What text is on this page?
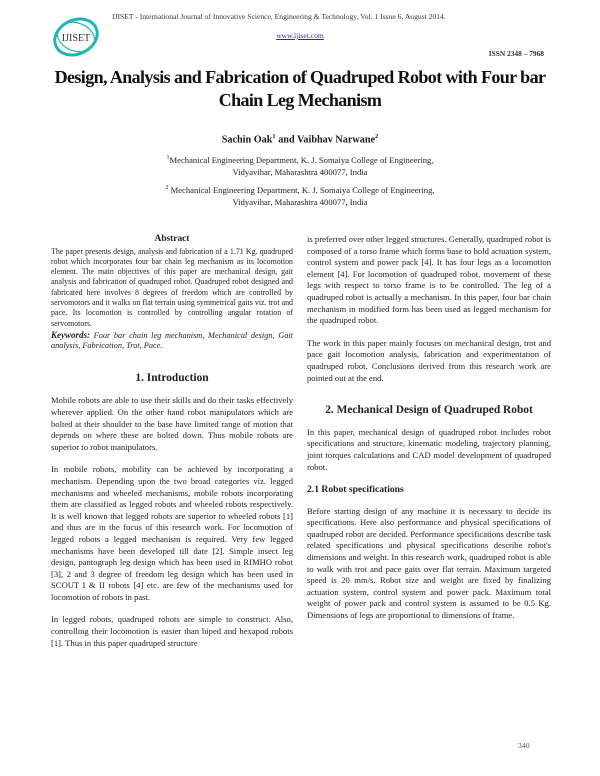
IJISET
IJISET - International Journal of Innovative Science, Engineering & Technology, Vol. 1 Issue 6, August 2014.
www.ijiset.com
ISSN 2348 – 7968
Design, Analysis and Fabrication of Quadruped Robot with Four bar Chain Leg Mechanism
Sachin Oak$^1$ and Vaibhav Narwane$^2$
$^1$Mechanical Engineering Department, K. J. Somaiya College of Engineering,
Vidyavihar, Maharashtra 400077, India
$^2$ Mechanical Engineering Department, K. J. Somaiya College of Engineering,
Vidyavihar, Maharashtra 400077, India
Abstract

The paper presents design, analysis and fabrication of a 1.71 Kg. quadruped robot which incorporates four bar chain leg mechanism as its locomotion element. The main objectives of this paper are mechanical design, gait analysis and fabrication of quadruped robot. Quadruped robot designed and fabricated here involves 8 degrees of freedom which are controlled by servomotors and it walks on flat terrain using symmetrical gaits viz. trot and pace. Its locomotion is controlled by controlling angular rotation of servomotors.

Keywords: Four bar chain leg mechanism, Mechanical design, Gait analysis, Fabrication, Trot, Pace.

1. Introduction

Mobile robots are able to use their skills and do their tasks effectively wherever applied. On the other hand robot manipulators which are bolted at their shoulder to the base have limited range of motion that depends on where these are bolted down. Thus mobile robots are superior to robot manipulators.

In mobile robots, mobility can be achieved by incorporating a mechanism. Depending upon the two broad categories viz. legged mechanisms and wheeled mechanisms, mobile robots incorporating them are classified as legged robots and wheeled robots respectively. It is well known that legged robots are superior to wheeled robots [1] and thus are in the focus of this research work. For locomotion of legged robots a legged mechanism is required. Very few legged mechanisms have been developed till date [2]. Simple insect leg design, pantograph leg design which has been used in RIMHO robot [3], 2 and 3 degree of freedom leg design which has been used in SCOUT I & II robots [4] etc. are few of the mechanisms used for locomotion of robots in past.

In legged robots, quadruped robots are simple to construct. Also, controlling their locomotion is easier than biped and hexapod robots [1]. Thus in this paper quadruped structure

is preferred over other legged structures. Generally, quadruped robot is composed of a torso frame which forms base to hold actuation system, control system and power pack [4]. It has four legs as a locomotion element [4]. For locomotion of quadruped robot, movement of these legs with respect to torso frame is to be controlled. The leg of a quadruped robot is actually a mechanism. In this paper, four bar chain mechanism in modified form has been used as legged mechanism for the quadruped robot.

The work in this paper mainly focuses on mechanical design, trot and pace gait locomotion analysis, fabrication and experimentation of quadruped robot. Conclusions derived from this research work are pointed out at the end.

2. Mechanical Design of Quadruped Robot

In this paper, mechanical design of quadruped robot includes robot specifications and structure, kinematic modeling, trajectory planning, joint torques calculations and CAD model development of quadruped robot.

2.1 Robot specifications

Before starting design of any machine it is necessary to decide its specifications. Here also performance and physical specifications of quadruped robot are decided. Performance specifications describe task related specifications and physical specifications describe robot's dimensions and weight. In this research work, quadruped robot is able to walk with trot and pace gaits over flat terrain. Maximum targeted speed is 20 mm/s. Robot size and weight are fixed by finalizing actuation system, control system and power pack. Maximum total weight of power pack and control system is assumed to be 0.5 Kg. Dimensions of legs are proportional to dimensions of frame.

340
